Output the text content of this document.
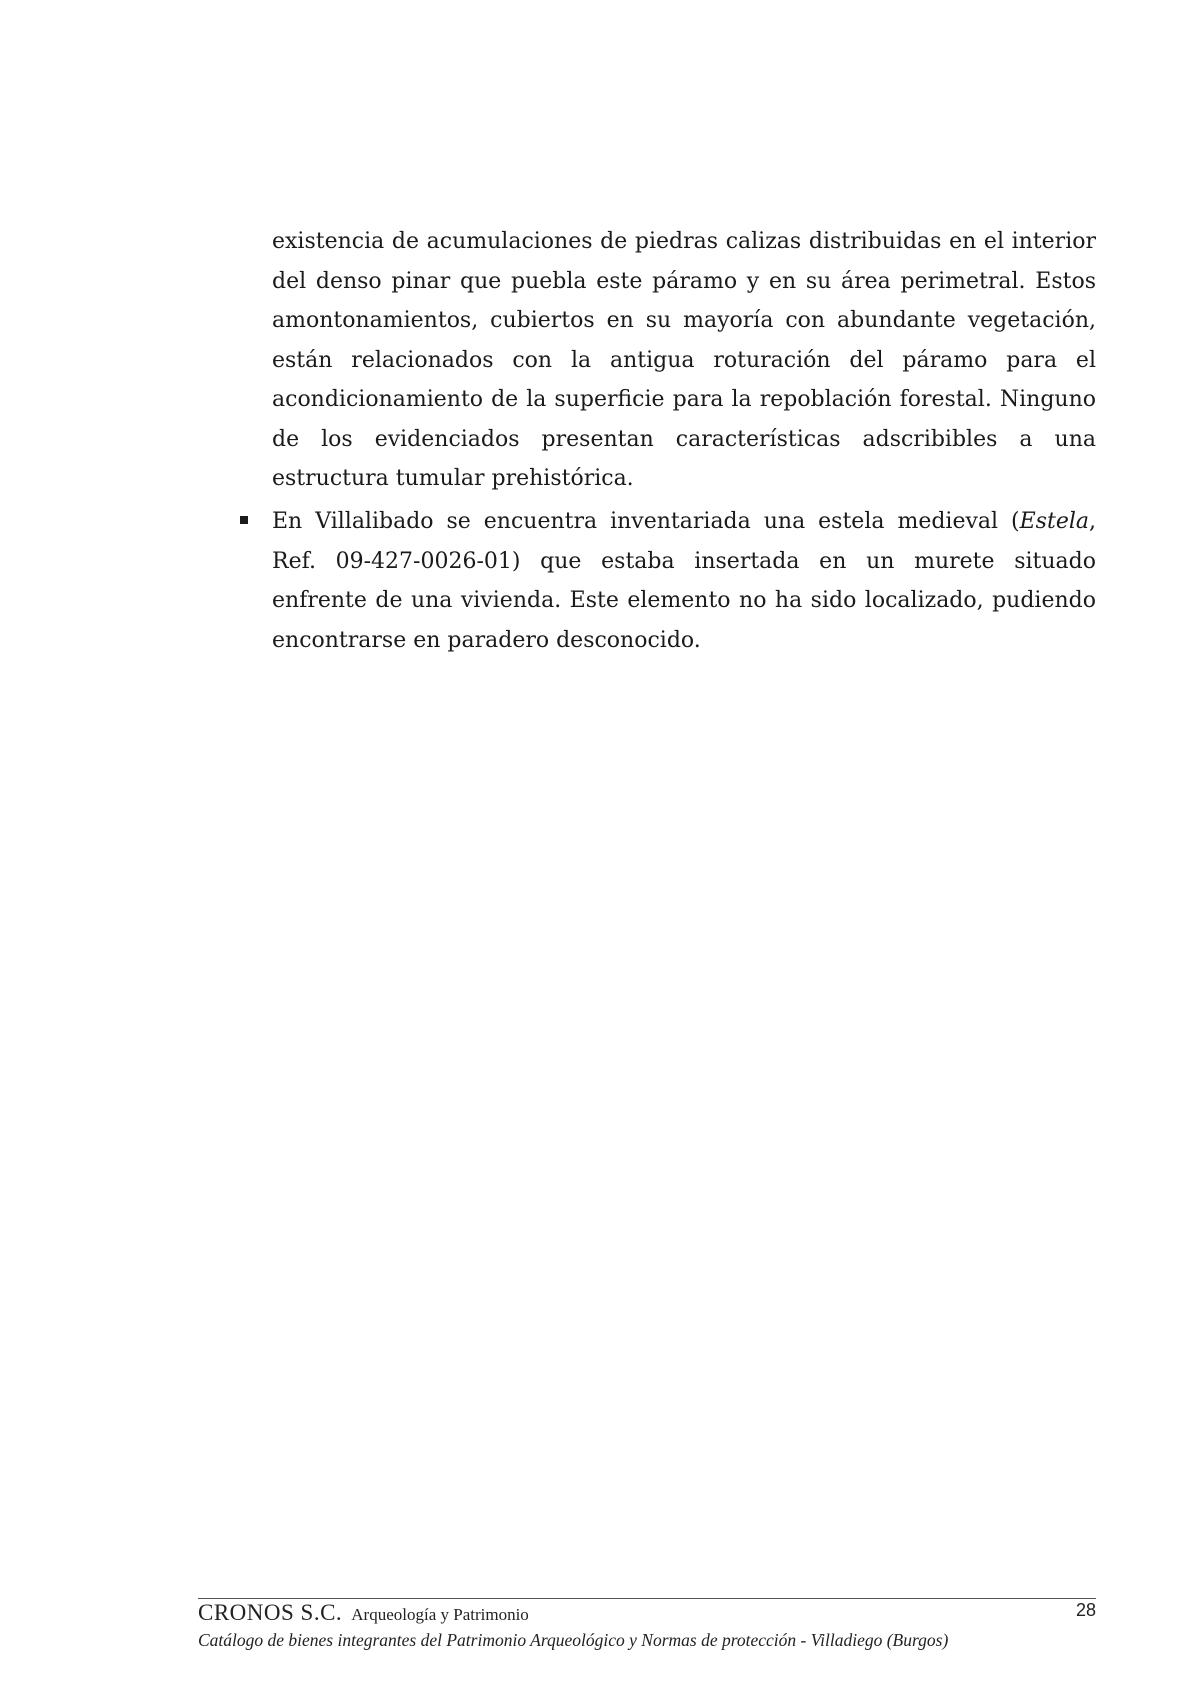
existencia de acumulaciones de piedras calizas distribuidas en el interior del denso pinar que puebla este páramo y en su área perimetral. Estos amontonamientos, cubiertos en su mayoría con abundante vegetación, están relacionados con la antigua roturación del páramo para el acondicionamiento de la superficie para la repoblación forestal. Ninguno de los evidenciados presentan características adscribibles a una estructura tumular prehistórica.

En Villalibado se encuentra inventariada una estela medieval (Estela, Ref. 09-427-0026-01) que estaba insertada en un murete situado enfrente de una vivienda. Este elemento no ha sido localizado, pudiendo encontrarse en paradero desconocido.
CRONOS S.C. Arqueología y Patrimonio	28
Catálogo de bienes integrantes del Patrimonio Arqueológico y Normas de protección - Villadiego (Burgos)
